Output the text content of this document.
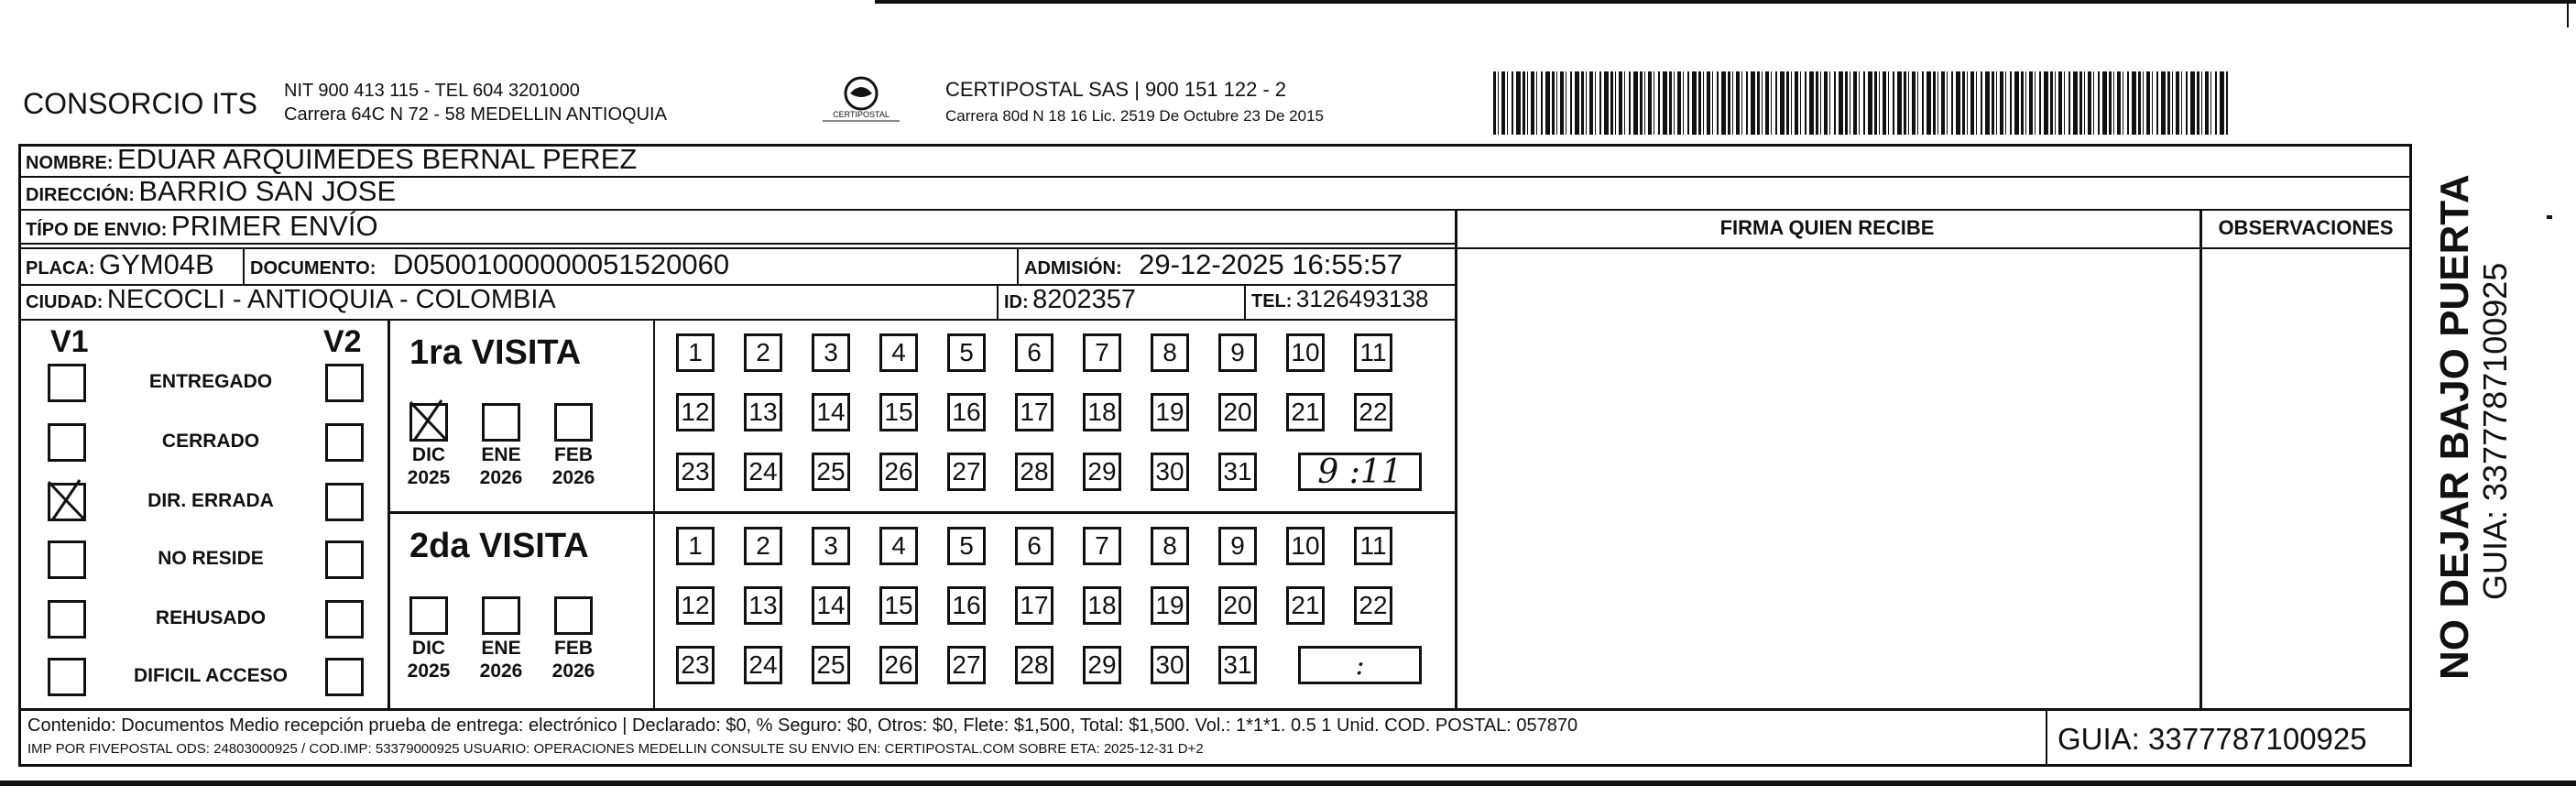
CONSORCIO ITS NIT 900 413 115 - TEL 604 3201000
Carrera 64C N 72 - 58 MEDELLIN ANTIOQUIA	CERTIPOSTAL
CERTIPOSTAL SAS | 900 151 122 - 2
Carrera 80d N 18 16 Lic. 2519 De Octubre 23 De 2015
NOMBRE: EDUAR ARQUIMEDES BERNAL PEREZ
DIRECCIÓN: BARRIO SAN JOSE
TÍPO DE ENVIO: PRIMER ENVÍO
PLACA: GYM04B DOCUMENTO: D05001000000051520060	ADMISIÓN: 29-12-2025 16:55:57
CIUDAD: NECOCLI - ANTIOQUIA - COLOMBIA	ID: 8202357	TEL: 3126493138
FIRMA QUIEN RECIBE	OBSERVACIONES
V1	V2
ENTREGADO
CERRADO
DIR. ERRADA
NO RESIDE
REHUSADO
DIFICIL ACCESO
1ra VISITA
DIC
2025
ENE
2026
FEB
2026
1	2	3	4	5	6	7	8	9	10 11
12 13 14 15 16 17 18 19 20 21 22
23 24 25 26 27 28 29 30 31	9 :11
2da VISITA
DIC
2025
ENE
2026
FEB
2026
1	2	3	4	5	6	7	8	9	10 11
12 13 14 15 16 17 18 19 20 21 22
23 24 25 26 27 28 29 30 31	:
Contenido: Documentos Medio recepción prueba de entrega: electrónico | Declarado: $0, % Seguro: $0, Otros: $0, Flete: $1,500, Total: $1,500. Vol.: 1*1*1. 0.5 1 Unid. COD. POSTAL: 057870
IMP POR FIVEPOSTAL ODS: 24803000925 / COD.IMP: 53379000925 USUARIO: OPERACIONES MEDELLIN CONSULTE SU ENVIO EN: CERTIPOSTAL.COM SOBRE ETA: 2025-12-31 D+2	GUIA: 3377787100925
NO DEJAR BAJO PUERTA GUIA: 3377787100925
